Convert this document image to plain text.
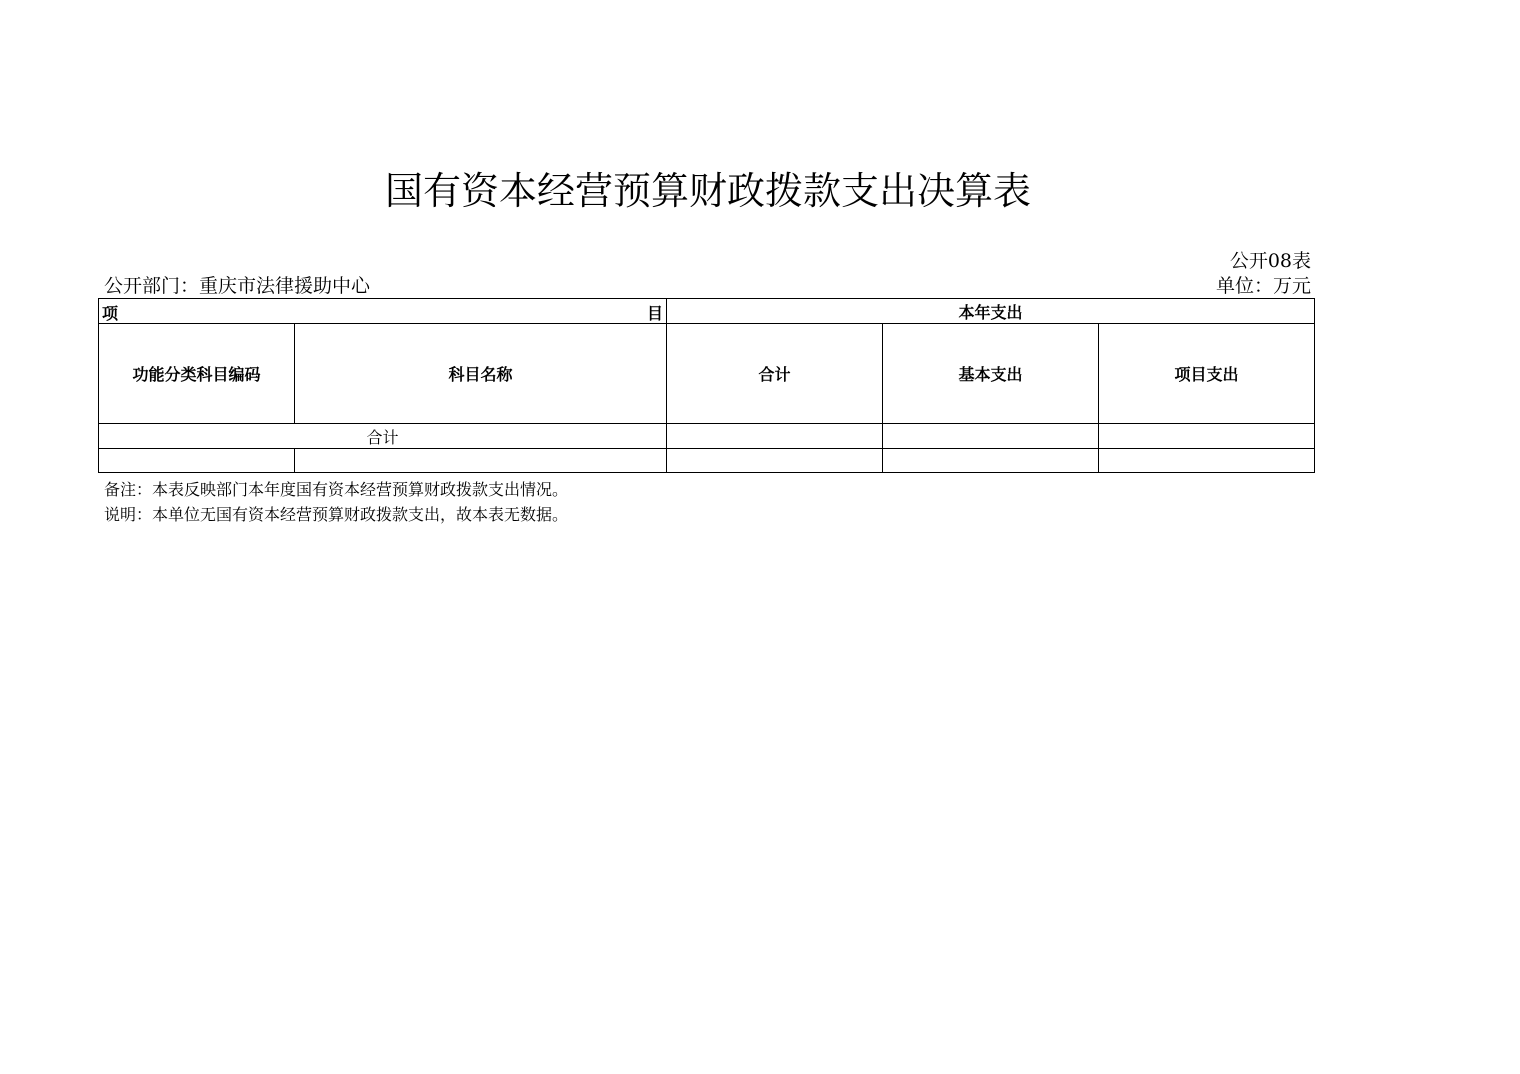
国有资本经营预算财政拨款支出决算表
公开08表
公开部门：重庆市法律援助中心	单位：万元
项 目		本年支出		
功能分类科目编码	科目名称	合计	基本支出	项目支出
合计				

备注：本表反映部门本年度国有资本经营预算财政拨款支出情况。
说明：本单位无国有资本经营预算财政拨款支出，故本表无数据。
